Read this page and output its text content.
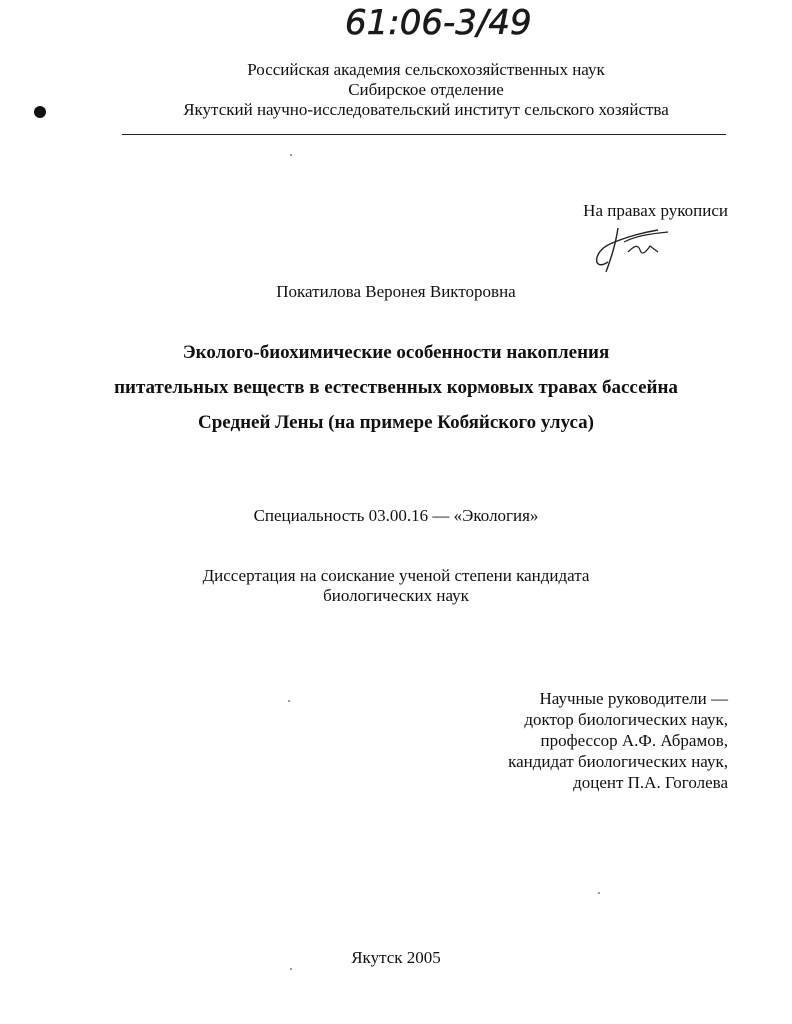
61:06-3/49
Российская академия сельскохозяйственных наук
Сибирское отделение
Якутский научно-исследовательский институт сельского хозяйства
На правах рукописи
Покатилова Веронея Викторовна
Эколого-биохимические особенности накопления
питательных веществ в естественных кормовых травах бассейна
Средней Лены (на примере Кобяйского улуса)
Специальность 03.00.16 — «Экология»
Диссертация на соискание ученой степени кандидата
биологических наук
Научные руководители —
доктор биологических наук,
профессор А.Ф. Абрамов,
кандидат биологических наук,
доцент П.А. Гоголева
Якутск 2005
